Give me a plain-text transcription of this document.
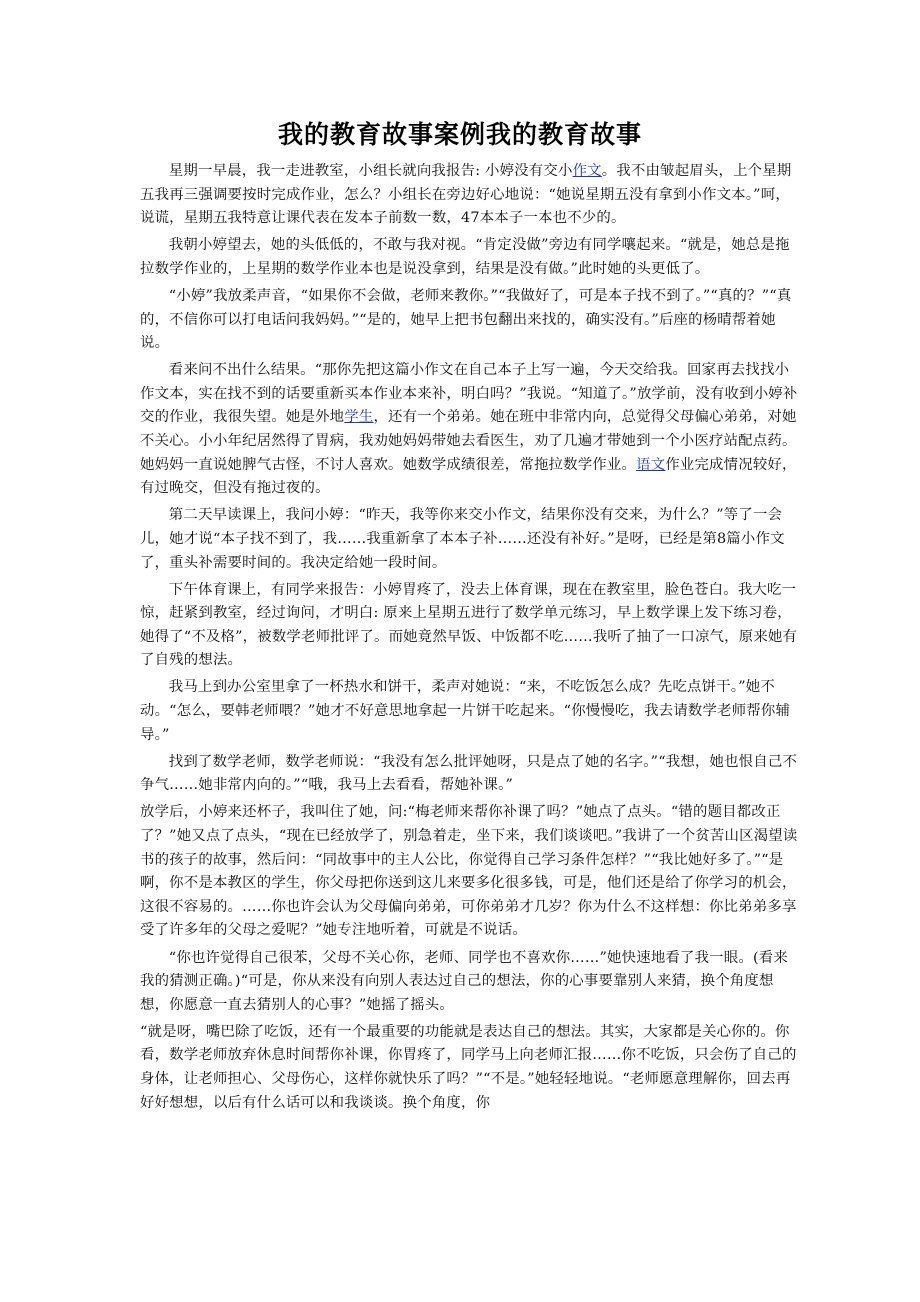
我的教育故事案例我的教育故事

星期一早晨，我一走进教室，小组长就向我报告: 小婷没有交小作文。我不由皱起眉头，上个星期五我再三强调要按时完成作业，怎么？小组长在旁边好心地说：“她说星期五没有拿到小作文本。”呵，说谎，星期五我特意让课代表在发本子前数一数，47本本子一本也不少的。

我朝小婷望去，她的头低低的，不敢与我对视。“肯定没做”旁边有同学嚷起来。“就是，她总是拖拉数学作业的，上星期的数学作业本也是说没拿到，结果是没有做。”此时她的头更低了。

“小婷”我放柔声音，“如果你不会做，老师来教你。”“我做好了，可是本子找不到了。”“真的？”“真的，不信你可以打电话问我妈妈。”“是的，她早上把书包翻出来找的，确实没有。”后座的杨晴帮着她说。

看来问不出什么结果。“那你先把这篇小作文在自己本子上写一遍，今天交给我。回家再去找找小作文本，实在找不到的话要重新买本作业本来补，明白吗？”我说。“知道了。”放学前，没有收到小婷补交的作业，我很失望。她是外地学生，还有一个弟弟。她在班中非常内向，总觉得父母偏心弟弟，对她不关心。小小年纪居然得了胃病，我劝她妈妈带她去看医生，劝了几遍才带她到一个小医疗站配点药。她妈妈一直说她脾气古怪，不讨人喜欢。她数学成绩很差，常拖拉数学作业。语文作业完成情况较好，有过晚交，但没有拖过夜的。

第二天早读课上，我问小婷：“昨天，我等你来交小作文，结果你没有交来，为什么？”等了一会儿，她才说“本子找不到了，我……我重新拿了本本子补……还没有补好。”是呀，已经是第8篇小作文了，重头补需要时间的。我决定给她一段时间。

下午体育课上，有同学来报告：小婷胃疼了，没去上体育课，现在在教室里，脸色苍白。我大吃一惊，赶紧到教室，经过询问，才明白: 原来上星期五进行了数学单元练习，早上数学课上发下练习卷，她得了“不及格”，被数学老师批评了。而她竟然早饭、中饭都不吃……我听了抽了一口凉气，原来她有了自残的想法。

我马上到办公室里拿了一杯热水和饼干，柔声对她说：“来，不吃饭怎么成？先吃点饼干。”她不动。“怎么，要韩老师喂？”她才不好意思地拿起一片饼干吃起来。“你慢慢吃，我去请数学老师帮你辅导。”

找到了数学老师，数学老师说：“我没有怎么批评她呀，只是点了她的名字。”“我想，她也恨自己不争气……她非常内向的。”“哦，我马上去看看，帮她补课。”

放学后，小婷来还杯子，我叫住了她，问:“梅老师来帮你补课了吗？”她点了点头。“错的题目都改正了？”她又点了点头，“现在已经放学了，别急着走，坐下来，我们谈谈吧。”我讲了一个贫苦山区渴望读书的孩子的故事，然后问：“同故事中的主人公比，你觉得自己学习条件怎样？”“我比她好多了。”“是啊，你不是本教区的学生，你父母把你送到这儿来要多化很多钱，可是，他们还是给了你学习的机会，这很不容易的。……你也许会认为父母偏向弟弟，可你弟弟才几岁？你为什么不这样想：你比弟弟多享受了许多年的父母之爱呢？”她专注地听着，可就是不说话。

“你也许觉得自己很苯，父母不关心你，老师、同学也不喜欢你……”她快速地看了我一眼。(看来我的猜测正确。)“可是，你从来没有向别人表达过自己的想法，你的心事要靠别人来猜，换个角度想想，你愿意一直去猜别人的心事？”她摇了摇头。

“就是呀，嘴巴除了吃饭，还有一个最重要的功能就是表达自己的想法。其实，大家都是关心你的。你看，数学老师放弃休息时间帮你补课，你胃疼了，同学马上向老师汇报……你不吃饭，只会伤了自己的身体，让老师担心、父母伤心，这样你就快乐了吗？”“不是。”她轻轻地说。“老师愿意理解你，回去再好好想想，以后有什么话可以和我谈谈。换个角度，你
